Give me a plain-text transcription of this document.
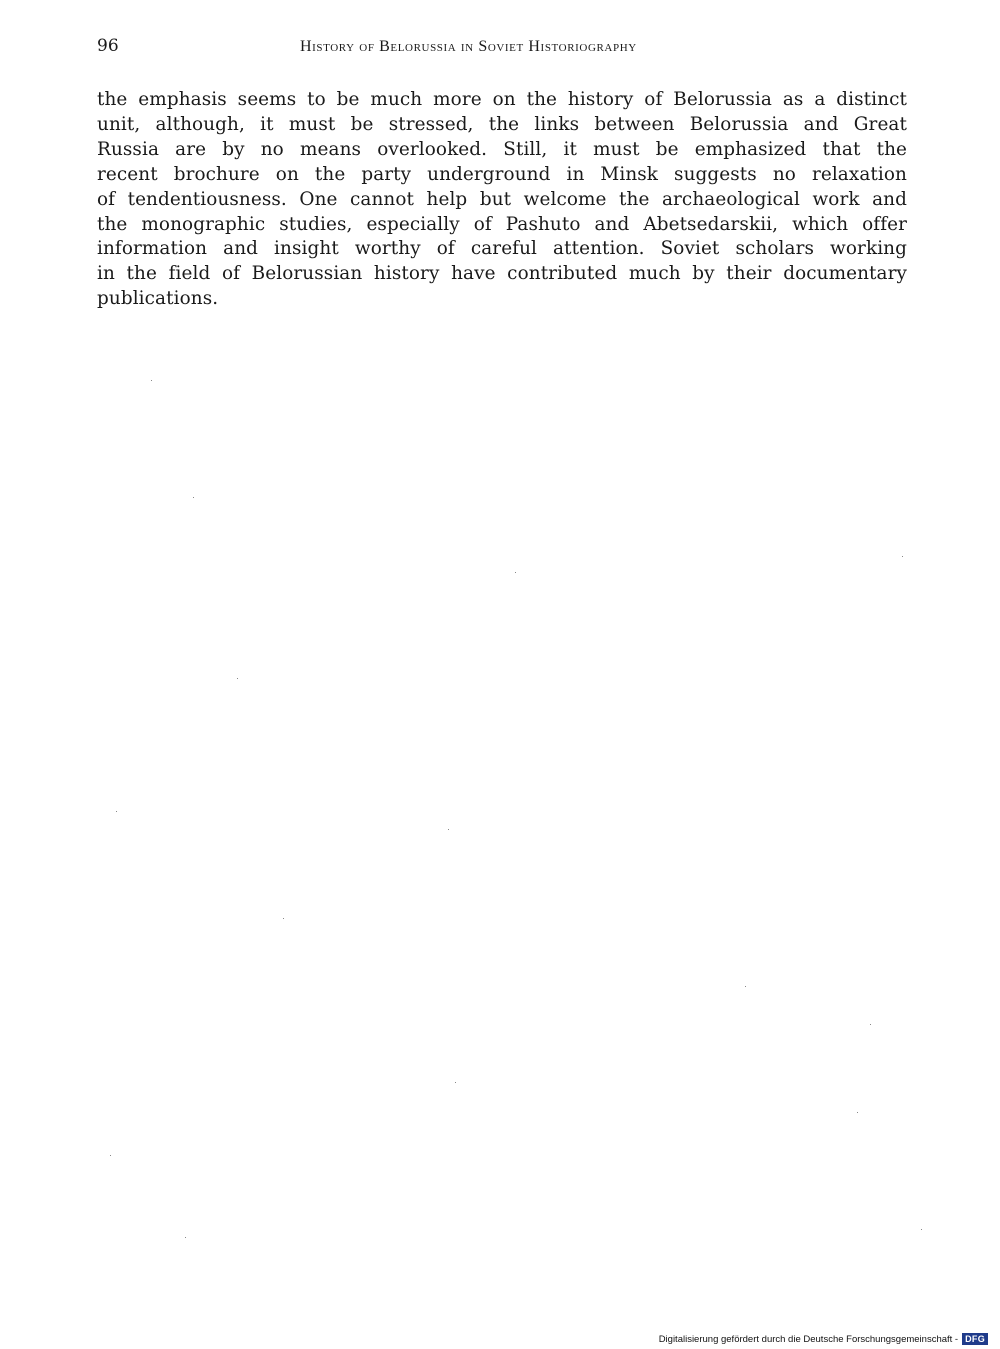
96	History of Belorussia in Soviet Historiography
the emphasis seems to be much more on the history of Belorussia as a distinct
unit, although, it must be stressed, the links between Belorussia and Great
Russia are by no means overlooked. Still, it must be emphasized that the
recent brochure on the party underground in Minsk suggests no relaxation
of tendentiousness. One cannot help but welcome the archaeological work and
the monographic studies, especially of Pashuto and Abetsedarskii, which offer
information and insight worthy of careful attention. Soviet scholars working
in the field of Belorussian history have contributed much by their documentary
publications.
Digitalisierung gefördert durch die Deutsche Forschungsgemeinschaft - DFG
